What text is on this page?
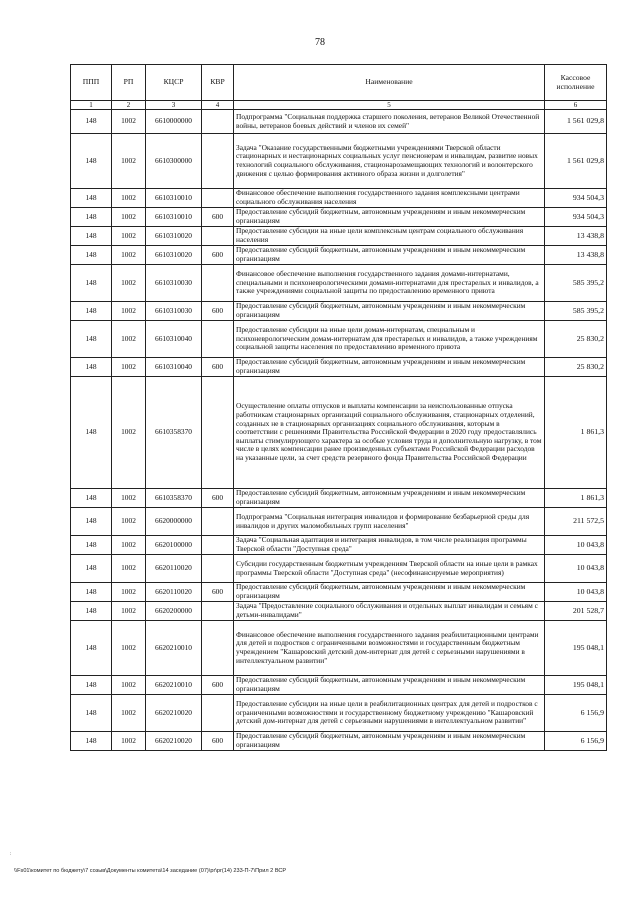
78
ППП	РП	КЦСР	КВР	Наименование	Кассовое исполнение
1	2	3	4	5	6
148	1002	6610000000		Подпрограмма "Социальная поддержка старшего поколения, ветеранов Великой Отечественной войны, ветеранов боевых действий и членов их семей"	1 561 029,8
148	1002	6610300000		Задача "Оказание государственными бюджетными учреждениями Тверской области стационарных и нестационарных социальных услуг пенсионерам и инвалидам, развитие новых технологий социального обслуживания, стационарозамещающих технологий и волонтерского движения с целью формирования активного образа жизни и долголетия"	1 561 029,8
148	1002	6610310010		Финансовое обеспечение выполнения государственного задания комплексными центрами социального обслуживания населения	934 504,3
148	1002	6610310010	600	Предоставление субсидий бюджетным, автономным учреждениям и иным некоммерческим организациям	934 504,3
148	1002	6610310020		Предоставление субсидии на иные цели комплексным центрам социального обслуживания населения	13 438,8
148	1002	6610310020	600	Предоставление субсидий бюджетным, автономным учреждениям и иным некоммерческим организациям	13 438,8
148	1002	6610310030		Финансовое обеспечение выполнения государственного задания домами-интернатами, специальными и психоневрологическими домами-интернатами для престарелых и инвалидов, а также учреждениями социальной защиты по предоставлению временного приюта	585 395,2
148	1002	6610310030	600	Предоставление субсидий бюджетным, автономным учреждениям и иным некоммерческим организациям	585 395,2
148	1002	6610310040		Предоставление субсидии на иные цели домам-интернатам, специальным и психоневрологическим домам-интернатам для престарелых и инвалидов, а также учреждениям социальной защиты населения по предоставлению временного приюта	25 830,2
148	1002	6610310040	600	Предоставление субсидий бюджетным, автономным учреждениям и иным некоммерческим организациям	25 830,2
148	1002	6610358370		Осуществление оплаты отпусков и выплаты компенсации за неиспользованные отпуска работникам стационарных организаций социального обслуживания, стационарных отделений, созданных не в стационарных организациях социального обслуживания, которым в соответствии с решениями Правительства Российской Федерации в 2020 году предоставлялись выплаты стимулирующего характера за особые условия труда и дополнительную нагрузку, в том числе в целях компенсации ранее произведенных субъектами Российской Федерации расходов на указанные цели, за счет средств резервного фонда Правительства Российской Федерации	1 861,3
148	1002	6610358370	600	Предоставление субсидий бюджетным, автономным учреждениям и иным некоммерческим организациям	1 861,3
148	1002	6620000000		Подпрограмма "Социальная интеграция инвалидов и формирование безбарьерной среды для инвалидов и других маломобильных групп населения"	211 572,5
148	1002	6620100000		Задача "Социальная адаптация и интеграция инвалидов, в том числе реализация программы Тверской области "Доступная среда"	10 043,8
148	1002	6620110020		Субсидии государственным бюджетным учреждениям Тверской области на иные цели в рамках программы Тверской области "Доступная среда" (несофинансируемые мероприятия)	10 043,8
148	1002	6620110020	600	Предоставление субсидий бюджетным, автономным учреждениям и иным некоммерческим организациям	10 043,8
148	1002	6620200000		Задача "Предоставление социального обслуживания и отдельных выплат инвалидам и семьям с детьми-инвалидами"	201 528,7
148	1002	6620210010		Финансовое обеспечение выполнения государственного задания реабилитационными центрами для детей и подростков с ограниченными возможностями и государственным бюджетным учреждением "Кашаровский детский дом-интернат для детей с серьезными нарушениями в интеллектуальном развитии"	195 048,1
148	1002	6620210010	600	Предоставление субсидий бюджетным, автономным учреждениям и иным некоммерческим организациям	195 048,1
148	1002	6620210020		Предоставление субсидии на иные цели в реабилитационных центрах для детей и подростков с ограниченными возможностями и государственному бюджетному учреждению "Кашаровский детский дом-интернат для детей с серьезными нарушениями в интеллектуальном развитии"	6 156,9
148	1002	6620210020	600	Предоставление субсидий бюджетным, автономным учреждениям и иным некоммерческим организациям	6 156,9
:
\\Fs01\комитет по бюджету\7 созыв\Документы комитета\14 заседание (07)\pr\pr(14) 233-П-7\Прил 2 ВСР
